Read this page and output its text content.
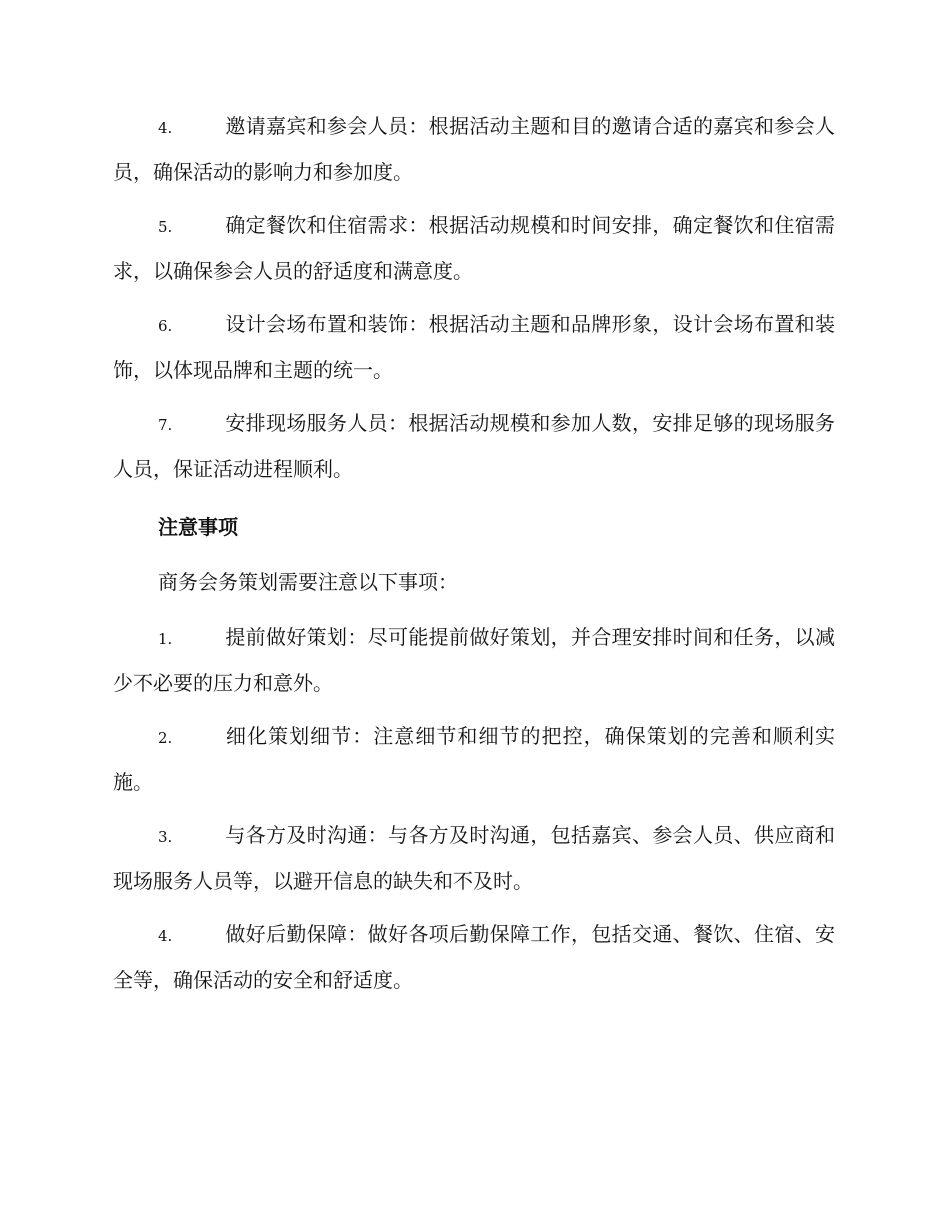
4.	邀请嘉宾和参会人员：根据活动主题和目的邀请合适的嘉宾和参会人员，确保活动的影响力和参加度。

5.	确定餐饮和住宿需求：根据活动规模和时间安排，确定餐饮和住宿需求，以确保参会人员的舒适度和满意度。

6.	设计会场布置和装饰：根据活动主题和品牌形象，设计会场布置和装饰，以体现品牌和主题的统一。

7.	安排现场服务人员：根据活动规模和参加人数，安排足够的现场服务人员，保证活动进程顺利。

注意事项

商务会务策划需要注意以下事项：

1.	提前做好策划：尽可能提前做好策划，并合理安排时间和任务，以减少不必要的压力和意外。

2.	细化策划细节：注意细节和细节的把控，确保策划的完善和顺利实施。

3.	与各方及时沟通：与各方及时沟通，包括嘉宾、参会人员、供应商和现场服务人员等，以避开信息的缺失和不及时。

4.	做好后勤保障：做好各项后勤保障工作，包括交通、餐饮、住宿、安全等，确保活动的安全和舒适度。
